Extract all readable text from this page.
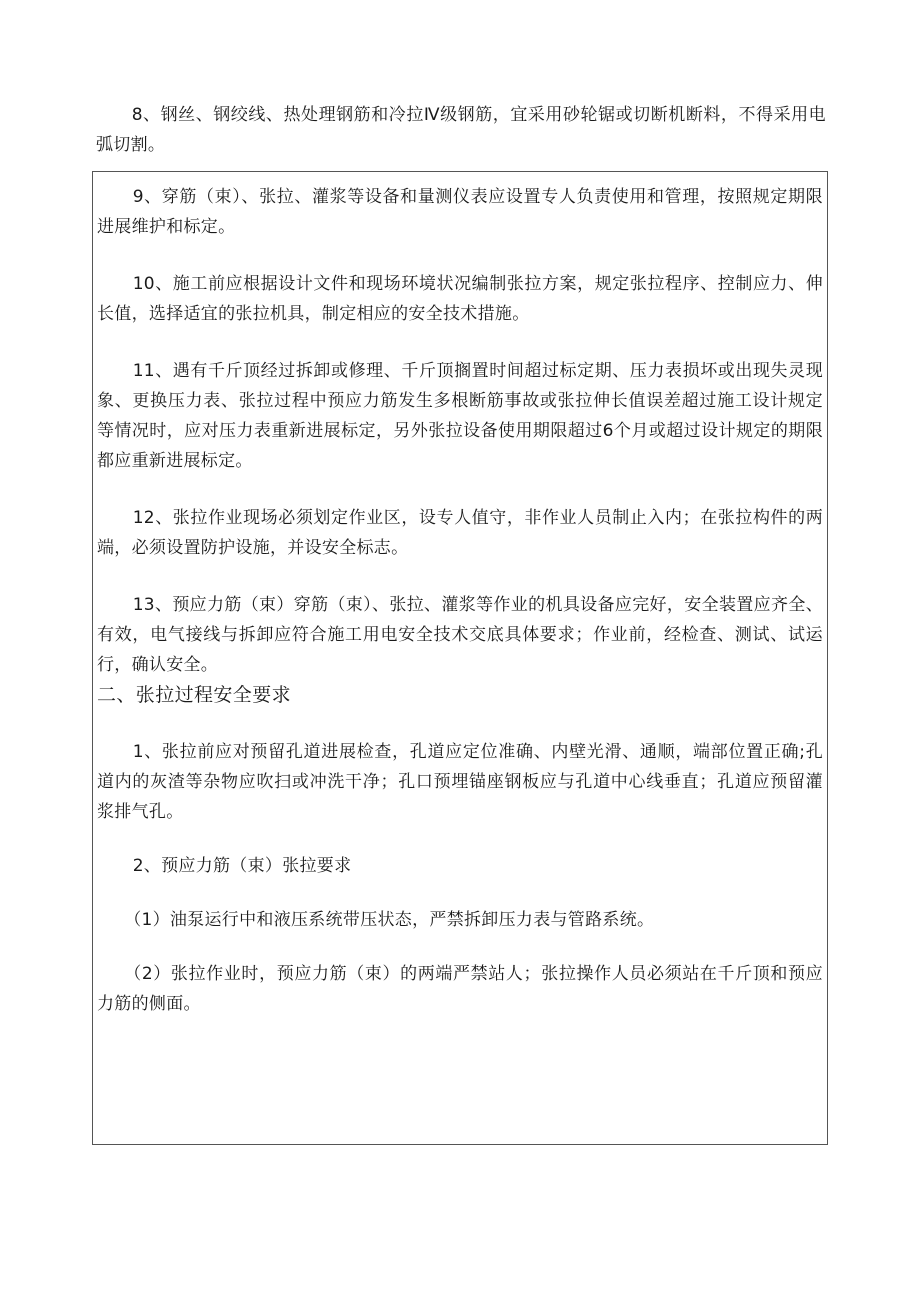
8、钢丝、钢绞线、热处理钢筋和冷拉Ⅳ级钢筋，宜采用砂轮锯或切断机断料，不得采用电弧切割。

9、穿筋（束）、张拉、灌浆等设备和量测仪表应设置专人负责使用和管理，按照规定期限进展维护和标定。

10、施工前应根据设计文件和现场环境状况编制张拉方案，规定张拉程序、控制应力、伸长值，选择适宜的张拉机具，制定相应的安全技术措施。

11、遇有千斤顶经过拆卸或修理、千斤顶搁置时间超过标定期、压力表损坏或出现失灵现象、更换压力表、张拉过程中预应力筋发生多根断筋事故或张拉伸长值误差超过施工设计规定等情况时，应对压力表重新进展标定，另外张拉设备使用期限超过6个月或超过设计规定的期限都应重新进展标定。

12、张拉作业现场必须划定作业区，设专人值守，非作业人员制止入内；在张拉构件的两端，必须设置防护设施，并设安全标志。

13、预应力筋（束）穿筋（束）、张拉、灌浆等作业的机具设备应完好，安全装置应齐全、有效，电气接线与拆卸应符合施工用电安全技术交底具体要求；作业前，经检查、测试、试运行，确认安全。

二、张拉过程安全要求

1、张拉前应对预留孔道进展检查，孔道应定位准确、内壁光滑、通顺，端部位置正确;孔道内的灰渣等杂物应吹扫或冲洗干净；孔口预埋锚座钢板应与孔道中心线垂直；孔道应预留灌浆排气孔。

2、预应力筋（束）张拉要求

（1）油泵运行中和液压系统带压状态，严禁拆卸压力表与管路系统。

（2）张拉作业时，预应力筋（束）的两端严禁站人；张拉操作人员必须站在千斤顶和预应力筋的侧面。
